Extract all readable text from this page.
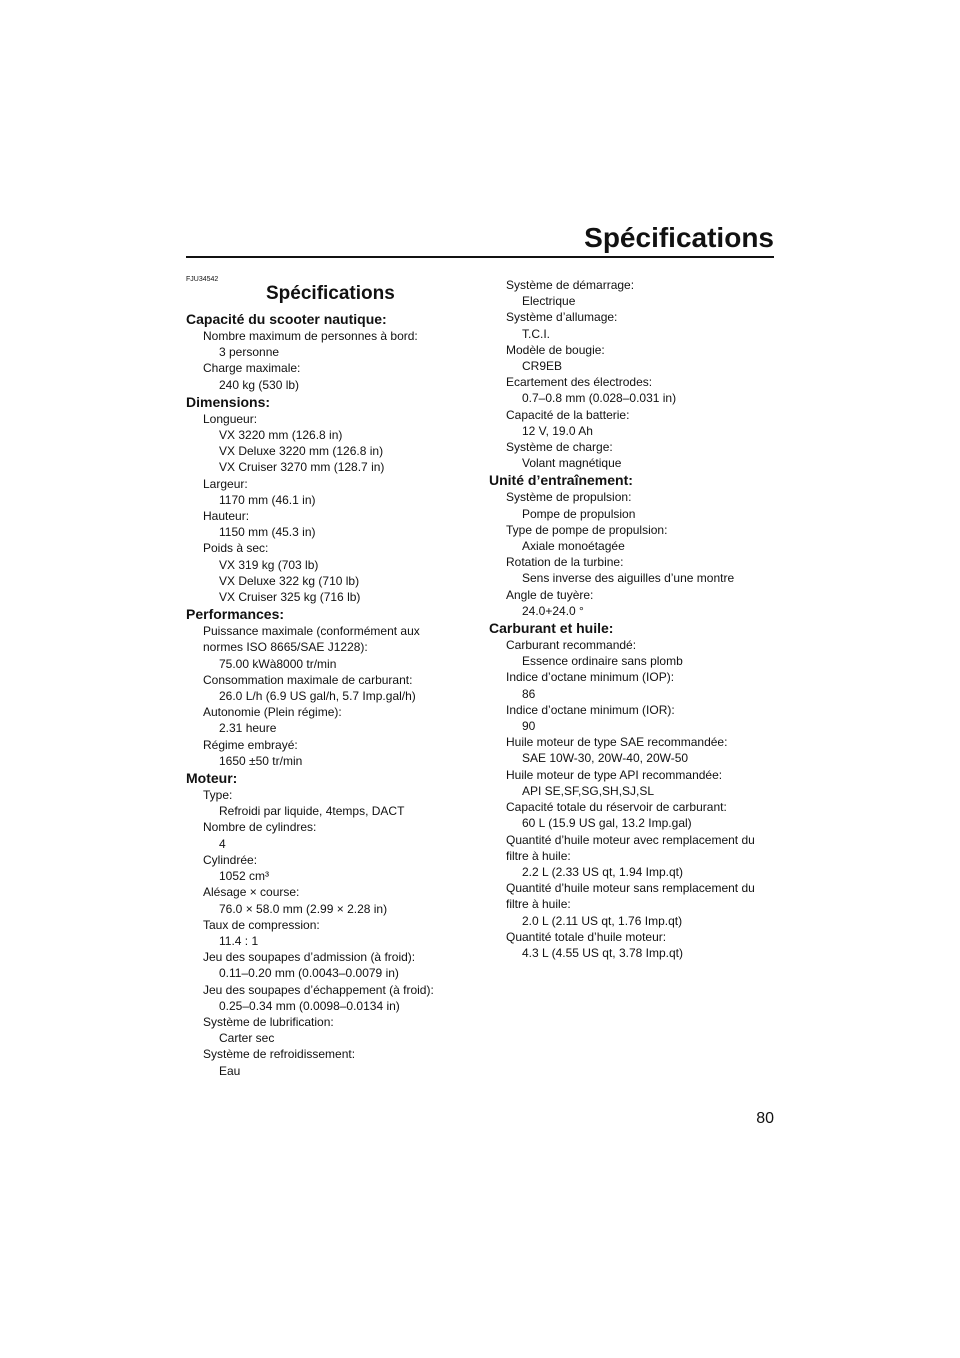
Spécifications
FJU34542
Spécifications
Capacité du scooter nautique:
Nombre maximum de personnes à bord:
3 personne
Charge maximale:
240 kg (530 lb)
Dimensions:
Longueur:
VX 3220 mm (126.8 in)
VX Deluxe 3220 mm (126.8 in)
VX Cruiser 3270 mm (128.7 in)
Largeur:
1170 mm (46.1 in)
Hauteur:
1150 mm (45.3 in)
Poids à sec:
VX 319 kg (703 lb)
VX Deluxe 322 kg (710 lb)
VX Cruiser 325 kg (716 lb)
Performances:
Puissance maximale (conformément aux
normes ISO 8665/SAE J1228):
75.00 kWà8000 tr/min
Consommation maximale de carburant:
26.0 L/h (6.9 US gal/h, 5.7 Imp.gal/h)
Autonomie (Plein régime):
2.31 heure
Régime embrayé:
1650 ±50 tr/min
Moteur:
Type:
Refroidi par liquide, 4temps, DACT
Nombre de cylindres:
4
Cylindrée:
1052 cm³
Alésage × course:
76.0 × 58.0 mm (2.99 × 2.28 in)
Taux de compression:
11.4 : 1
Jeu des soupapes d’admission (à froid):
0.11–0.20 mm (0.0043–0.0079 in)
Jeu des soupapes d’échappement (à froid):
0.25–0.34 mm (0.0098–0.0134 in)
Système de lubrification:
Carter sec
Système de refroidissement:
Eau
Système de démarrage:
Electrique
Système d’allumage:
T.C.I.
Modèle de bougie:
CR9EB
Ecartement des électrodes:
0.7–0.8 mm (0.028–0.031 in)
Capacité de la batterie:
12 V, 19.0 Ah
Système de charge:
Volant magnétique
Unité d’entraînement:
Système de propulsion:
Pompe de propulsion
Type de pompe de propulsion:
Axiale monoétagée
Rotation de la turbine:
Sens inverse des aiguilles d’une montre
Angle de tuyère:
24.0+24.0 °
Carburant et huile:
Carburant recommandé:
Essence ordinaire sans plomb
Indice d’octane minimum (IOP):
86
Indice d’octane minimum (IOR):
90
Huile moteur de type SAE recommandée:
SAE 10W-30, 20W-40, 20W-50
Huile moteur de type API recommandée:
API SE,SF,SG,SH,SJ,SL
Capacité totale du réservoir de carburant:
60 L (15.9 US gal, 13.2 Imp.gal)
Quantité d’huile moteur avec remplacement du
filtre à huile:
2.2 L (2.33 US qt, 1.94 Imp.qt)
Quantité d’huile moteur sans remplacement du
filtre à huile:
2.0 L (2.11 US qt, 1.76 Imp.qt)
Quantité totale d’huile moteur:
4.3 L (4.55 US qt, 3.78 Imp.qt)
80
